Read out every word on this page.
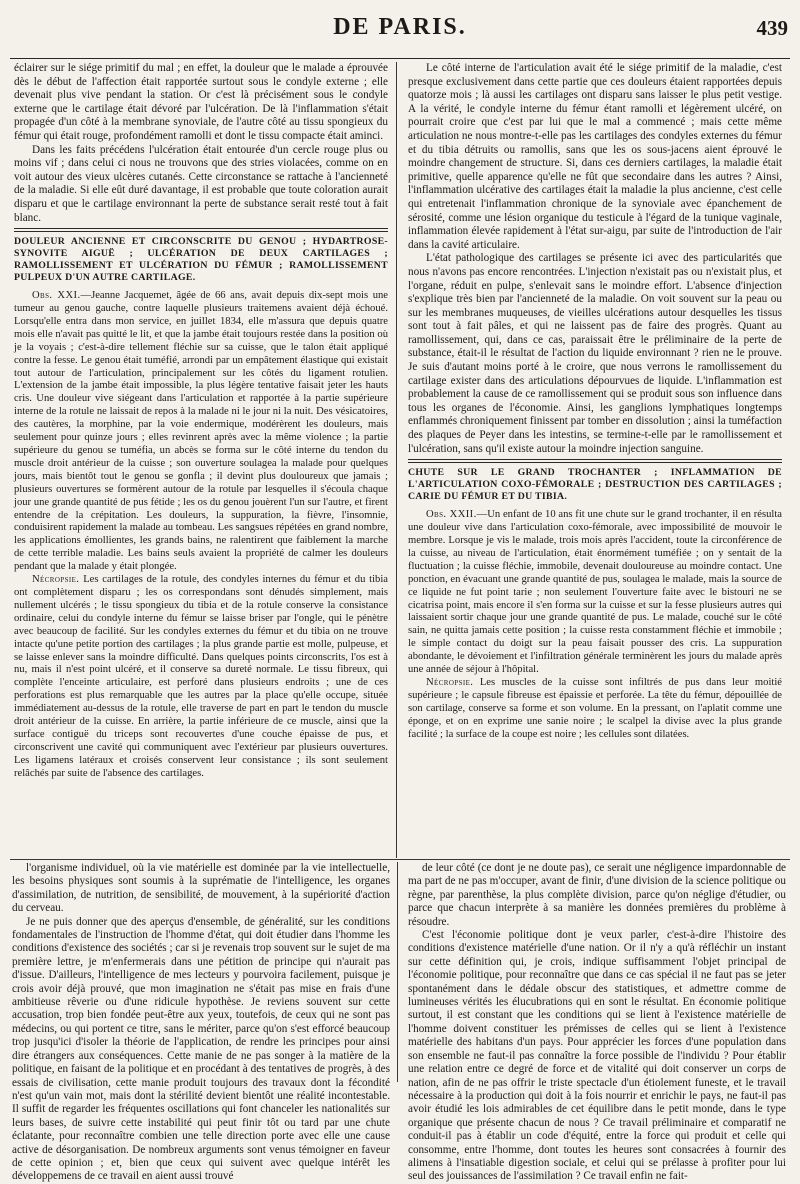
DE PARIS.	439

éclairer sur le siége primitif du mal ; en effet, la douleur que le malade a éprouvée dès le début de l'affection était rapportée surtout sous le condyle externe ; elle devenait plus vive pendant la station. Or c'est là précisément sous le condyle externe que le cartilage était dévoré par l'ulcération. De là l'inflammation s'était propagée d'un côté à la membrane synoviale, de l'autre côté au tissu spongieux du fémur qui était rouge, profondément ramolli et dont le tissu compacte était aminci.

Dans les faits précédens l'ulcération était entourée d'un cercle rouge plus ou moins vif ; dans celui ci nous ne trouvons que des stries violacées, comme on en voit autour des vieux ulcères cutanés. Cette circonstance se rattache à l'ancienneté de la maladie. Si elle eût duré davantage, il est probable que toute coloration aurait disparu et que le cartilage environnant la perte de substance serait resté tout à fait blanc.

DOULEUR ANCIENNE ET CIRCONSCRITE DU GENOU ; HYDARTROSE-SYNOVITE AIGUË ; ULCÉRATION DE DEUX CARTILAGES ; RAMOLLISSEMENT ET ULCÉRATION DU FÉMUR ; RAMOLLISSEMENT PULPEUX D'UN AUTRE CARTILAGE.

Obs. XXI.—Jeanne Jacquemet, âgée de 66 ans, avait depuis dix-sept mois une tumeur au genou gauche, contre laquelle plusieurs traitemens avaient déjà échoué. Lorsqu'elle entra dans mon service, en juillet 1834, elle m'assura que depuis quatre mois elle n'avait pas quitté le lit, et que la jambe était toujours restée dans la position où je la voyais ; c'est-à-dire tellement fléchie sur sa cuisse, que le talon était appliqué contre la fesse. Le genou était tuméfié, arrondi par un empâtement élastique qui existait tout autour de l'articulation, principalement sur les côtés du ligament rotulien. L'extension de la jambe était impossible, la plus légère tentative faisait jeter les hauts cris. Une douleur vive siégeant dans l'articulation et rapportée à la partie supérieure interne de la rotule ne laissait de repos à la malade ni le jour ni la nuit. Des vésicatoires, des cautères, la morphine, par la voie endermique, modérèrent les douleurs, mais seulement pour quinze jours ; elles revinrent après avec la même violence ; la partie supérieure du genou se tuméfia, un abcès se forma sur le côté interne du tendon du muscle droit antérieur de la cuisse ; son ouverture soulagea la malade pour quelques jours, mais bientôt tout le genou se gonfla ; il devint plus douloureux que jamais ; plusieurs ouvertures se formèrent autour de la rotule par lesquelles il s'écoula chaque jour une grande quantité de pus fétide ; les os du genou jouèrent l'un sur l'autre, et firent entendre de la crépitation. Les douleurs, la suppuration, la fièvre, l'insomnie, conduisirent rapidement la malade au tombeau. Les sangsues répétées en grand nombre, les applications émollientes, les grands bains, ne ralentirent que faiblement la marche de cette terrible maladie. Les bains seuls avaient la propriété de calmer les douleurs pendant que la malade y était plongée.

Nécropsie. Les cartilages de la rotule, des condyles internes du fémur et du tibia ont complètement disparu ; les os correspondans sont dénudés simplement, mais nullement ulcérés ; le tissu spongieux du tibia et de la rotule conserve la consistance ordinaire, celui du condyle interne du fémur se laisse briser par l'ongle, qui le pénètre avec beaucoup de facilité. Sur les condyles externes du fémur et du tibia on ne trouve intacte qu'une petite portion des cartilages ; la plus grande partie est molle, pulpeuse, et se laisse enlever sans la moindre difficulté. Dans quelques points circonscrits, l'os est à nu, mais il n'est point ulcéré, et il conserve sa dureté normale. Le tissu fibreux, qui complète l'enceinte articulaire, est perforé dans plusieurs endroits ; une de ces perforations est plus remarquable que les autres par la place qu'elle occupe, située immédiatement au-dessus de la rotule, elle traverse de part en part le tendon du muscle droit antérieur de la cuisse. En arrière, la partie inférieure de ce muscle, ainsi que la surface contiguë du triceps sont recouvertes d'une couche épaisse de pus, et circonscrivent une cavité qui communiquent avec l'extérieur par plusieurs ouvertures. Les ligamens latéraux et croisés conservent leur consistance ; ils sont seulement relâchés par suite de l'absence des cartilages.

Le côté interne de l'articulation avait été le siége primitif de la maladie, c'est presque exclusivement dans cette partie que ces douleurs étaient rapportées depuis quatorze mois ; là aussi les cartilages ont disparu sans laisser le plus petit vestige. A la vérité, le condyle interne du fémur étant ramolli et légèrement ulcéré, on pourrait croire que c'est par lui que le mal a commencé ; mais cette même articulation ne nous montre-t-elle pas les cartilages des condyles externes du fémur et du tibia détruits ou ramollis, sans que les os sous-jacens aient éprouvé le moindre changement de structure. Si, dans ces derniers cartilages, la maladie était primitive, quelle apparence qu'elle ne fût que secondaire dans les autres ? Ainsi, l'inflammation ulcérative des cartilages était la maladie la plus ancienne, c'est celle qui entretenait l'inflammation chronique de la synoviale avec épanchement de sérosité, comme une lésion organique du testicule à l'égard de la tunique vaginale, inflammation élevée rapidement à l'état sur-aigu, par suite de l'introduction de l'air dans la cavité articulaire.

L'état pathologique des cartilages se présente ici avec des particularités que nous n'avons pas encore rencontrées. L'injection n'existait pas ou n'existait plus, et l'organe, réduit en pulpe, s'enlevait sans le moindre effort. L'absence d'injection s'explique très bien par l'ancienneté de la maladie. On voit souvent sur la peau ou sur les membranes muqueuses, de vieilles ulcérations autour desquelles les tissus sont tout à fait pâles, et qui ne laissent pas de faire des progrès. Quant au ramollissement, qui, dans ce cas, paraissait être le préliminaire de la perte de substance, était-il le résultat de l'action du liquide environnant ? rien ne le prouve. Je suis d'autant moins porté à le croire, que nous verrons le ramollissement du cartilage exister dans des articulations dépourvues de liquide. L'inflammation est probablement la cause de ce ramollissement qui se produit sous son influence dans tous les organes de l'économie. Ainsi, les ganglions lymphatiques longtemps enflammés chroniquement finissent par tomber en dissolution ; ainsi la tuméfaction des plaques de Peyer dans les intestins, se termine-t-elle par le ramollissement et l'ulcération, sans qu'il existe autour la moindre injection sanguine.

CHUTE SUR LE GRAND TROCHANTER ; INFLAMMATION DE L'ARTICULATION COXO-FÉMORALE ; DESTRUCTION DES CARTILAGES ; CARIE DU FÉMUR ET DU TIBIA.

Obs. XXII.—Un enfant de 10 ans fit une chute sur le grand trochanter, il en résulta une douleur vive dans l'articulation coxo-fémorale, avec impossibilité de mouvoir le membre. Lorsque je vis le malade, trois mois après l'accident, toute la circonférence de la cuisse, au niveau de l'articulation, était énormément tuméfiée ; on y sentait de la fluctuation ; la cuisse fléchie, immobile, devenait douloureuse au moindre contact. Une ponction, en évacuant une grande quantité de pus, soulagea le malade, mais la source de ce liquide ne fut point tarie ; non seulement l'ouverture faite avec le bistouri ne se cicatrisa point, mais encore il s'en forma sur la cuisse et sur la fesse plusieurs autres qui laissaient sortir chaque jour une grande quantité de pus. Le malade, couché sur le côté sain, ne quitta jamais cette position ; la cuisse resta constamment fléchie et immobile ; le simple contact du doigt sur la peau faisait pousser des cris. La suppuration abondante, le dévoiement et l'infiltration générale terminèrent les jours du malade après une année de séjour à l'hôpital.

Nécropsie. Les muscles de la cuisse sont infiltrés de pus dans leur moitié supérieure ; le capsule fibreuse est épaissie et perforée. La tête du fémur, dépouillée de son cartilage, conserve sa forme et son volume. En la pressant, on l'aplatit comme une éponge, et on en exprime une sanie noire ; le scalpel la divise avec la plus grande facilité ; la surface de la coupe est noire ; les cellules sont dilatées.

l'organisme individuel, où la vie matérielle est dominée par la vie intellectuelle, les besoins physiques sont soumis à la suprématie de l'intelligence, les organes d'assimilation, de nutrition, de sensibilité, de mouvement, à la supériorité d'action du cerveau.

Je ne puis donner que des aperçus d'ensemble, de généralité, sur les conditions fondamentales de l'instruction de l'homme d'état, qui doit étudier dans l'homme les conditions d'existence des sociétés ; car si je revenais trop souvent sur le sujet de ma première lettre, je m'enfermerais dans une pétition de principe qui n'aurait pas d'issue. D'ailleurs, l'intelligence de mes lecteurs y pourvoira facilement, puisque je crois avoir déjà prouvé, que mon imagination ne s'était pas mise en frais d'une ambitieuse rêverie ou d'une ridicule hypothèse. Je reviens souvent sur cette accusation, trop bien fondée peut-être aux yeux, toutefois, de ceux qui ne sont pas médecins, ou qui portent ce titre, sans le mériter, parce qu'on s'est efforcé beaucoup trop jusqu'ici d'isoler la théorie de l'application, de rendre les principes pour ainsi dire étrangers aux conséquences. Cette manie de ne pas songer à la matière de la politique, en faisant de la politique et en procédant à des tentatives de progrès, à des essais de civilisation, cette manie produit toujours des travaux dont la fécondité n'est qu'un vain mot, mais dont la stérilité devient bientôt une réalité incontestable. Il suffit de regarder les fréquentes oscillations qui font chanceler les nationalités sur leurs bases, de suivre cette instabilité qui peut finir tôt ou tard par une chute éclatante, pour reconnaître combien une telle direction porte avec elle une cause active de désorganisation. De nombreux arguments sont venus témoigner en faveur de cette opinion ; et, bien que ceux qui suivent avec quelque intérêt les développemens de ce travail en aient aussi trouvé

de leur côté (ce dont je ne doute pas), ce serait une négligence impardonnable de ma part de ne pas m'occuper, avant de finir, d'une division de la science politique ou règne, par parenthèse, la plus complète division, parce qu'on néglige d'étudier, ou parce que chacun interprète à sa manière les données premières du problème à résoudre.

C'est l'économie politique dont je veux parler, c'est-à-dire l'histoire des conditions d'existence matérielle d'une nation. Or il n'y a qu'à réfléchir un instant sur cette définition qui, je crois, indique suffisamment l'objet principal de l'économie politique, pour reconnaître que dans ce cas spécial il ne faut pas se jeter spontanément dans le dédale obscur des statistiques, et admettre comme de lumineuses vérités les élucubrations qui en sont le résultat. En économie politique surtout, il est constant que les conditions qui se lient à l'existence matérielle de l'homme doivent constituer les prémisses de celles qui se lient à l'existence matérielle des habitans d'un pays. Pour apprécier les forces d'une population dans son ensemble ne faut-il pas connaître la force possible de l'individu ? Pour établir une relation entre ce degré de force et de vitalité qui doit conserver un corps de nation, afin de ne pas offrir le triste spectacle d'un étiolement funeste, et le travail nécessaire à la production qui doit à la fois nourrir et enrichir le pays, ne faut-il pas avoir étudié les lois admirables de cet équilibre dans le petit monde, dans le type organique que présente chacun de nous ? Ce travail préliminaire et comparatif ne conduit-il pas à établir un code d'équité, entre la force qui produit et celle qui consomme, entre l'homme, dont toutes les heures sont consacrées à fournir des alimens à l'insatiable digestion sociale, et celui qui se prélasse à profiter pour lui seul des jouissances de l'assimilation ? Ce travail enfin ne fait-
